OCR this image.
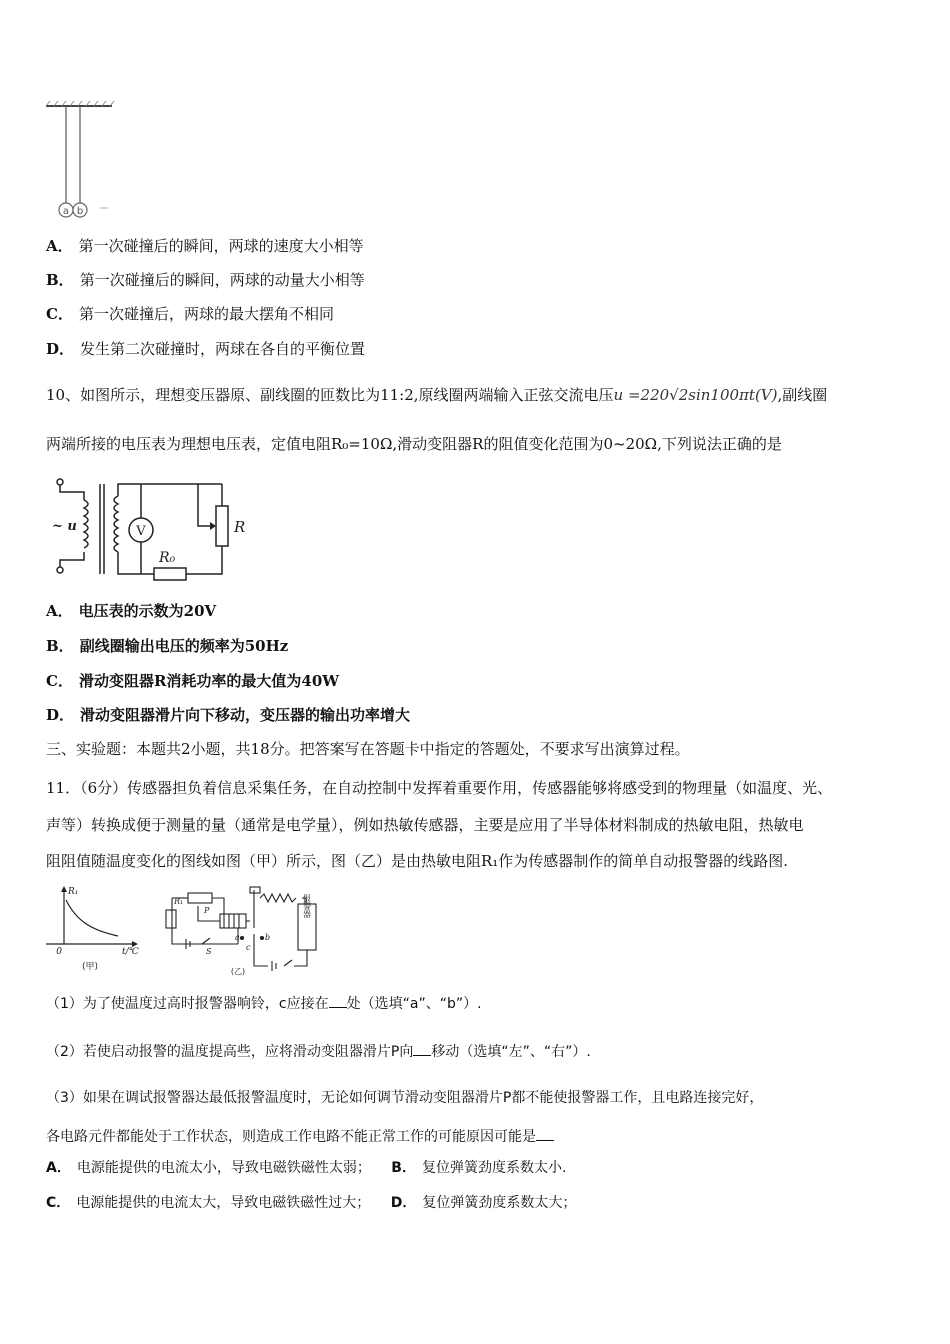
a b
A． 第一次碰撞后的瞬间，两球的速度大小相等
B． 第一次碰撞后的瞬间，两球的动量大小相等
C． 第一次碰撞后，两球的最大摆角不相同
D． 发生第二次碰撞时，两球在各自的平衡位置
10、如图所示，理想变压器原、副线圈的匝数比为11:2,原线圈两端输入正弦交流电压u =220√2sin100πt(V),副线圈
两端所接的电压表为理想电压表，定值电阻R₀=10Ω,滑动变阻器R的阻值变化范围为0~20Ω,下列说法正确的是
~ u	V
R₀
R
A． 电压表的示数为20V
B． 副线圈输出电压的频率为50Hz
C． 滑动变阻器R消耗功率的最大值为40W
D． 滑动变阻器滑片向下移动，变压器的输出功率增大
三、实验题：本题共2小题，共18分。把答案写在答题卡中指定的答题处，不要求写出演算过程。
11．（6分）传感器担负着信息采集任务，在自动控制中发挥着重要作用，传感器能够将感受到的物理量（如温度、光、
声等）转换成便于测量的量（通常是电学量），例如热敏传感器，主要是应用了半导体材料制成的热敏电阻，热敏电
阻阻值随温度变化的图线如图（甲）所示，图（乙）是由热敏电阻R₁作为传感器制作的简单自动报警器的线路图.
R₁
0	t/℃
(甲)
R₁
P
S
a	b
c
报警器
(乙)
（1）为了使温度过高时报警器响铃，c应接在 处（选填“a”、“b”）.
（2）若使启动报警的温度提高些，应将滑动变阻器滑片P向 移动（选填“左”、“右”）.
（3）如果在调试报警器达最低报警温度时，无论如何调节滑动变阻器滑片P都不能使报警器工作，且电路连接完好，
各电路元件都能处于工作状态，则造成工作电路不能正常工作的可能原因可能是
A． 电源能提供的电流太小，导致电磁铁磁性太弱； B． 复位弹簧劲度系数太小.
C． 电源能提供的电流太大，导致电磁铁磁性过大； D． 复位弹簧劲度系数太大；
